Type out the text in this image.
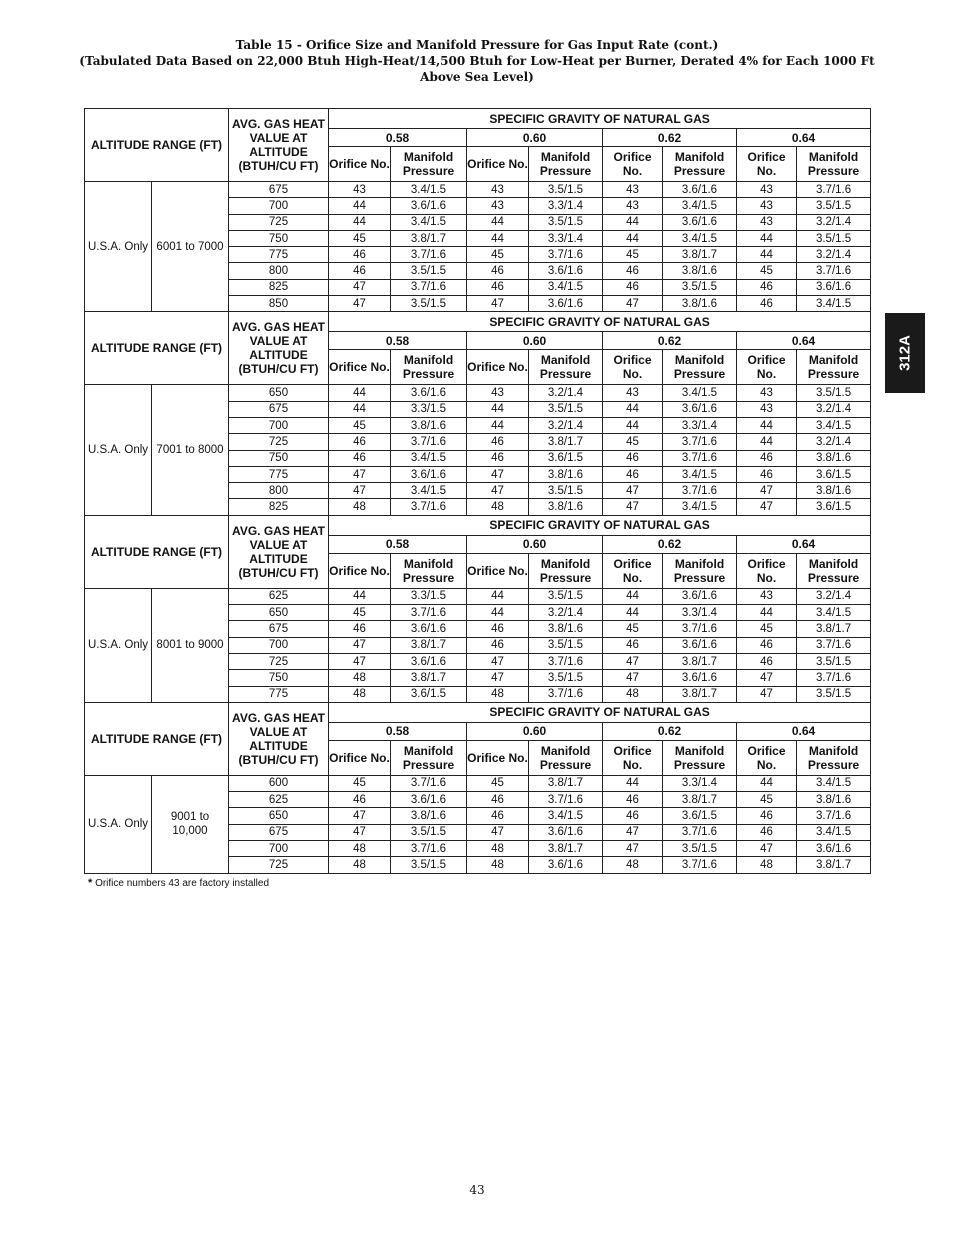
Table 15 - Orifice Size and Manifold Pressure for Gas Input Rate (cont.)
(Tabulated Data Based on 22,000 Btuh High-Heat/14,500 Btuh for Low-Heat per Burner, Derated 4% for Each 1000 Ft Above Sea Level)
ALTITUDE RANGE (FT)		AVG. GAS HEAT VALUE AT ALTITUDE (BTUH/CU FT)	SPECIFIC GRAVITY OF NATURAL GAS							
			0.58		0.60		0.62		0.64	
			Orifice No.	Manifold Pressure	Orifice No.	Manifold Pressure	Orifice No.	Manifold Pressure	Orifice No.	Manifold Pressure
U.S.A. Only	6001 to 7000	675	43	3.4/1.5	43	3.5/1.5	43	3.6/1.6	43	3.7/1.6
		700	44	3.6/1.6	43	3.3/1.4	43	3.4/1.5	43	3.5/1.5
		725	44	3.4/1.5	44	3.5/1.5	44	3.6/1.6	43	3.2/1.4
		750	45	3.8/1.7	44	3.3/1.4	44	3.4/1.5	44	3.5/1.5
		775	46	3.7/1.6	45	3.7/1.6	45	3.8/1.7	44	3.2/1.4
		800	46	3.5/1.5	46	3.6/1.6	46	3.8/1.6	45	3.7/1.6
		825	47	3.7/1.6	46	3.4/1.5	46	3.5/1.5	46	3.6/1.6
		850	47	3.5/1.5	47	3.6/1.6	47	3.8/1.6	46	3.4/1.5
ALTITUDE RANGE (FT)		AVG. GAS HEAT VALUE AT ALTITUDE (BTUH/CU FT)	SPECIFIC GRAVITY OF NATURAL GAS							
			0.58		0.60		0.62		0.64	
			Orifice No.	Manifold Pressure	Orifice No.	Manifold Pressure	Orifice No.	Manifold Pressure	Orifice No.	Manifold Pressure
U.S.A. Only	7001 to 8000	650	44	3.6/1.6	43	3.2/1.4	43	3.4/1.5	43	3.5/1.5
		675	44	3.3/1.5	44	3.5/1.5	44	3.6/1.6	43	3.2/1.4
		700	45	3.8/1.6	44	3.2/1.4	44	3.3/1.4	44	3.4/1.5
		725	46	3.7/1.6	46	3.8/1.7	45	3.7/1.6	44	3.2/1.4
		750	46	3.4/1.5	46	3.6/1.5	46	3.7/1.6	46	3.8/1.6
		775	47	3.6/1.6	47	3.8/1.6	46	3.4/1.5	46	3.6/1.5
		800	47	3.4/1.5	47	3.5/1.5	47	3.7/1.6	47	3.8/1.6
		825	48	3.7/1.6	48	3.8/1.6	47	3.4/1.5	47	3.6/1.5
ALTITUDE RANGE (FT)		AVG. GAS HEAT VALUE AT ALTITUDE (BTUH/CU FT)	SPECIFIC GRAVITY OF NATURAL GAS							
			0.58		0.60		0.62		0.64	
			Orifice No.	Manifold Pressure	Orifice No.	Manifold Pressure	Orifice No.	Manifold Pressure	Orifice No.	Manifold Pressure
U.S.A. Only	8001 to 9000	625	44	3.3/1.5	44	3.5/1.5	44	3.6/1.6	43	3.2/1.4
		650	45	3.7/1.6	44	3.2/1.4	44	3.3/1.4	44	3.4/1.5
		675	46	3.6/1.6	46	3.8/1.6	45	3.7/1.6	45	3.8/1.7
		700	47	3.8/1.7	46	3.5/1.5	46	3.6/1.6	46	3.7/1.6
		725	47	3.6/1.6	47	3.7/1.6	47	3.8/1.7	46	3.5/1.5
		750	48	3.8/1.7	47	3.5/1.5	47	3.6/1.6	47	3.7/1.6
		775	48	3.6/1.5	48	3.7/1.6	48	3.8/1.7	47	3.5/1.5
ALTITUDE RANGE (FT)		AVG. GAS HEAT VALUE AT ALTITUDE (BTUH/CU FT)	SPECIFIC GRAVITY OF NATURAL GAS							
			0.58		0.60		0.62		0.64	
			Orifice No.	Manifold Pressure	Orifice No.	Manifold Pressure	Orifice No.	Manifold Pressure	Orifice No.	Manifold Pressure
U.S.A. Only	9001 to 10,000	600	45	3.7/1.6	45	3.8/1.7	44	3.3/1.4	44	3.4/1.5
		625	46	3.6/1.6	46	3.7/1.6	46	3.8/1.7	45	3.8/1.6
		650	47	3.8/1.6	46	3.4/1.5	46	3.6/1.5	46	3.7/1.6
		675	47	3.5/1.5	47	3.6/1.6	47	3.7/1.6	46	3.4/1.5
		700	48	3.7/1.6	48	3.8/1.7	47	3.5/1.5	47	3.6/1.6
		725	48	3.5/1.5	48	3.6/1.6	48	3.7/1.6	48	3.8/1.7
* Orifice numbers 43 are factory installed
312A
43
